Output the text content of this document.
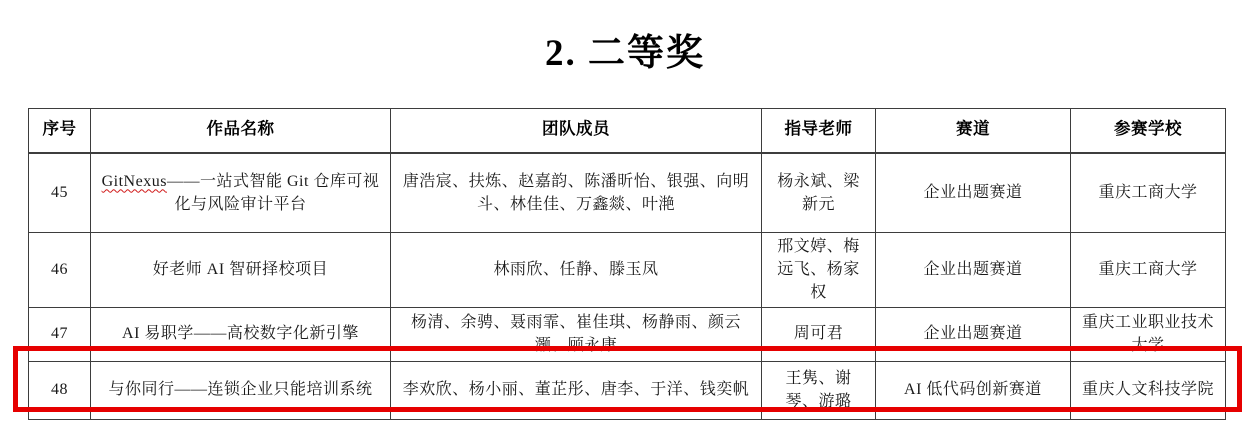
2. 二等奖
序号	作品名称	团队成员	指导老师	赛道	参赛学校
45	GitNexus——一站式智能 Git 仓库可视化与风险审计平台	唐浩宸、扶炼、赵嘉韵、陈潘昕怡、银强、向明斗、林佳佳、万鑫燚、叶滟	杨永斌、梁新元	企业出题赛道	重庆工商大学
46	好老师 AI 智研择校项目	林雨欣、任静、滕玉凤	邢文婷、梅远飞、杨家权	企业出题赛道	重庆工商大学
47	AI 易职学——高校数字化新引擎	杨清、余骋、聂雨霏、崔佳琪、杨静雨、颜云灏、顾永康	周可君	企业出题赛道	重庆工业职业技术大学
48	与你同行——连锁企业只能培训系统	李欢欣、杨小丽、董芷彤、唐李、于洋、钱奕帆	王隽、谢琴、游璐	AI 低代码创新赛道	重庆人文科技学院
